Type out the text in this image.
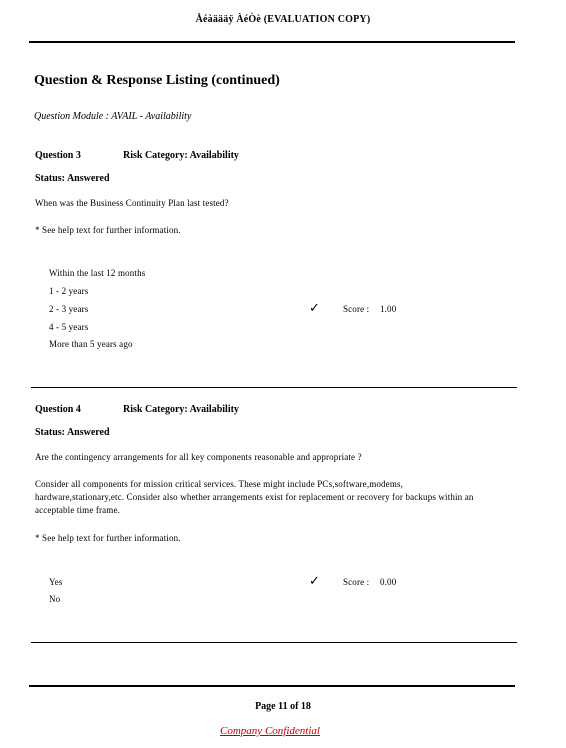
Åéàäääÿ ÀéÒè (EVALUATION COPY)
Question & Response Listing (continued)
Question Module : AVAIL - Availability
Question 3	Risk Category: Availability
Status: Answered
When was the Business Continuity Plan last tested?
* See help text for further information.
Within the last 12 months
1 - 2 years
2 - 3 years
4 - 5 years
More than 5 years ago
✓	Score : 1.00
Question 4	Risk Category: Availability
Status: Answered
Are the contingency arrangements for all key components reasonable and appropriate ?
Consider all components for mission critical services. These might include PCs,software,modems, hardware,stationary,etc. Consider also whether arrangements exist for replacement or recovery for backups within an acceptable time frame.
* See help text for further information.
Yes
No
✓	Score : 0.00
Page 11 of 18
Company Confidential
